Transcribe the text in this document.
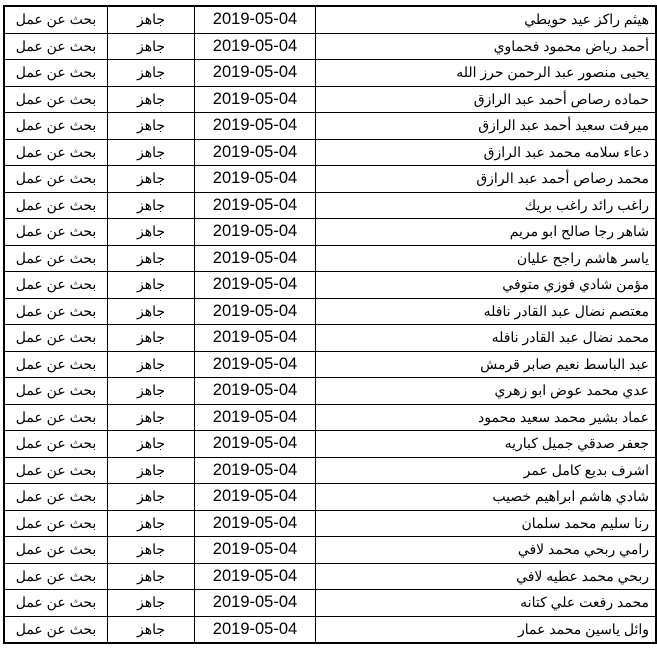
بحث عن عمل	جاهز	2019-05-04	هيثم راكز عيد حويطي
بحث عن عمل	جاهز	2019-05-04	أحمد رياض محمود فحماوي
بحث عن عمل	جاهز	2019-05-04	يحيى منصور عبد الرحمن حرز الله
بحث عن عمل	جاهز	2019-05-04	حماده رصاص أحمد عبد الرازق
بحث عن عمل	جاهز	2019-05-04	ميرفت سعيد أحمد عبد الرازق
بحث عن عمل	جاهز	2019-05-04	دعاء سلامه محمد عبد الرازق
بحث عن عمل	جاهز	2019-05-04	محمد رصاص أحمد عبد الرازق
بحث عن عمل	جاهز	2019-05-04	راغب رائد راغب بريك
بحث عن عمل	جاهز	2019-05-04	شاهر رجا صالح ابو مريم
بحث عن عمل	جاهز	2019-05-04	ياسر هاشم راجح عليان
بحث عن عمل	جاهز	2019-05-04	مؤمن شادي فوزي متوفي
بحث عن عمل	جاهز	2019-05-04	معتصم نضال عبد القادر نافله
بحث عن عمل	جاهز	2019-05-04	محمد نضال عبد القادر نافله
بحث عن عمل	جاهز	2019-05-04	عبد الباسط نعيم صابر قرمش
بحث عن عمل	جاهز	2019-05-04	عدي محمد عوض ابو زهري
بحث عن عمل	جاهز	2019-05-04	عماد بشير محمد سعيد محمود
بحث عن عمل	جاهز	2019-05-04	جعفر صدقي جميل كباريه
بحث عن عمل	جاهز	2019-05-04	اشرف بديع كامل عمر
بحث عن عمل	جاهز	2019-05-04	شادي هاشم ابراهيم خصيب
بحث عن عمل	جاهز	2019-05-04	رنا سليم محمد سلمان
بحث عن عمل	جاهز	2019-05-04	رامي ربحي محمد لافي
بحث عن عمل	جاهز	2019-05-04	ربحي محمد عطيه لافي
بحث عن عمل	جاهز	2019-05-04	محمد رفعت علي كتانه
بحث عن عمل	جاهز	2019-05-04	وائل ياسين محمد عمار
